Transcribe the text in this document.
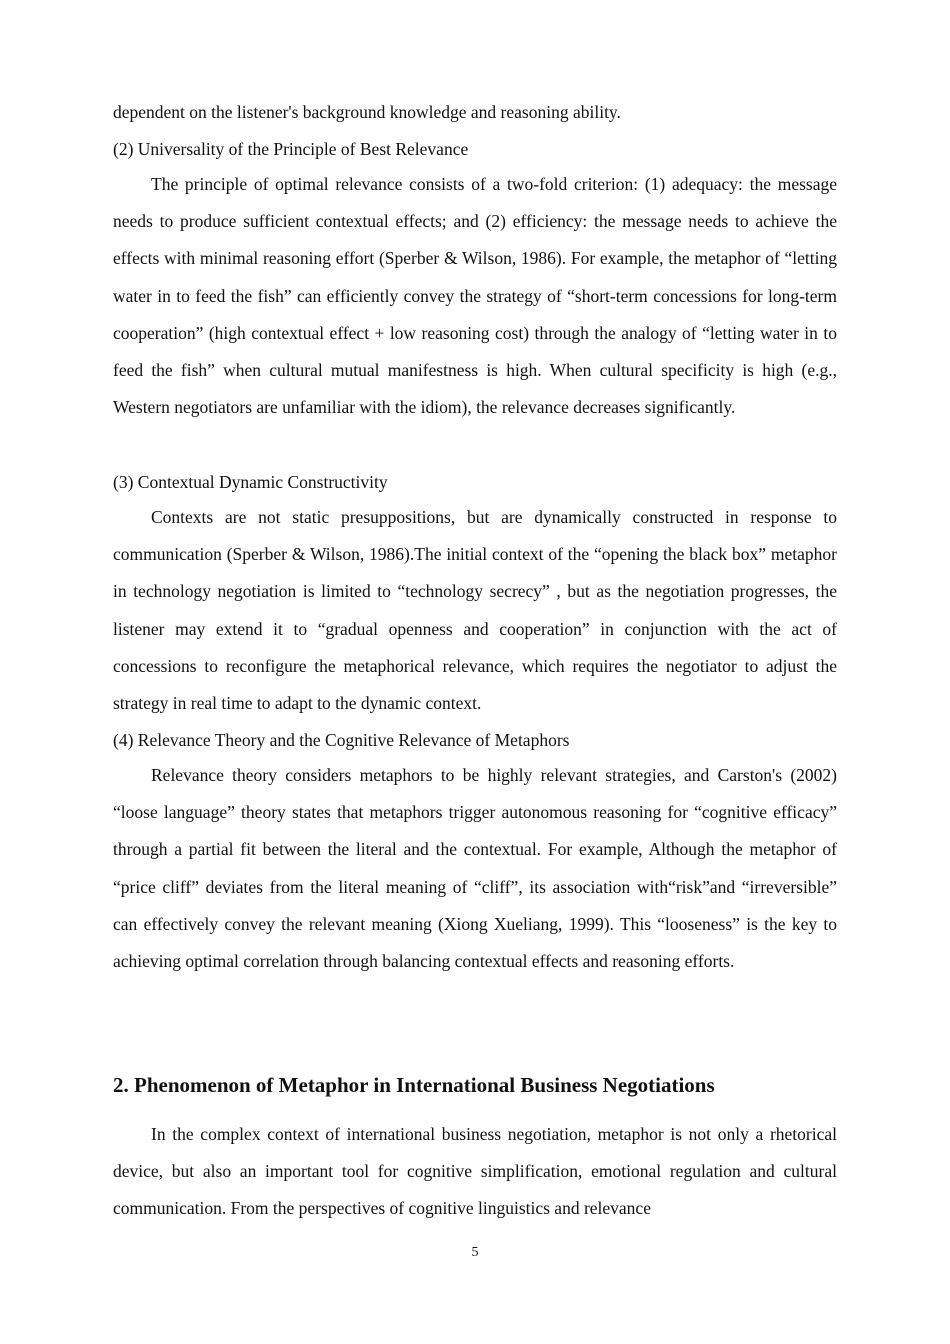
dependent on the listener's background knowledge and reasoning ability.

(2) Universality of the Principle of Best Relevance

The principle of optimal relevance consists of a two-fold criterion: (1) adequacy: the message needs to produce sufficient contextual effects; and (2) efficiency: the message needs to achieve the effects with minimal reasoning effort (Sperber & Wilson, 1986). For example, the metaphor of “letting water in to feed the fish” can efficiently convey the strategy of “short-term concessions for long-term cooperation” (high contextual effect + low reasoning cost) through the analogy of “letting water in to feed the fish” when cultural mutual manifestness is high. When cultural specificity is high (e.g., Western negotiators are unfamiliar with the idiom), the relevance decreases significantly.

(3) Contextual Dynamic Constructivity

Contexts are not static presuppositions, but are dynamically constructed in response to communication (Sperber & Wilson, 1986).The initial context of the “opening the black box” metaphor in technology negotiation is limited to “technology secrecy” , but as the negotiation progresses, the listener may extend it to “gradual openness and cooperation” in conjunction with the act of concessions to reconfigure the metaphorical relevance, which requires the negotiator to adjust the strategy in real time to adapt to the dynamic context.

(4) Relevance Theory and the Cognitive Relevance of Metaphors

Relevance theory considers metaphors to be highly relevant strategies, and Carston's (2002) “loose language” theory states that metaphors trigger autonomous reasoning for “cognitive efficacy” through a partial fit between the literal and the contextual. For example, Although the metaphor of “price cliff” deviates from the literal meaning of “cliff”, its association with“risk”and “irreversible” can effectively convey the relevant meaning (Xiong Xueliang, 1999). This “looseness” is the key to achieving optimal correlation through balancing contextual effects and reasoning efforts.

2. Phenomenon of Metaphor in International Business Negotiations

In the complex context of international business negotiation, metaphor is not only a rhetorical device, but also an important tool for cognitive simplification, emotional regulation and cultural communication. From the perspectives of cognitive linguistics and relevance

5
